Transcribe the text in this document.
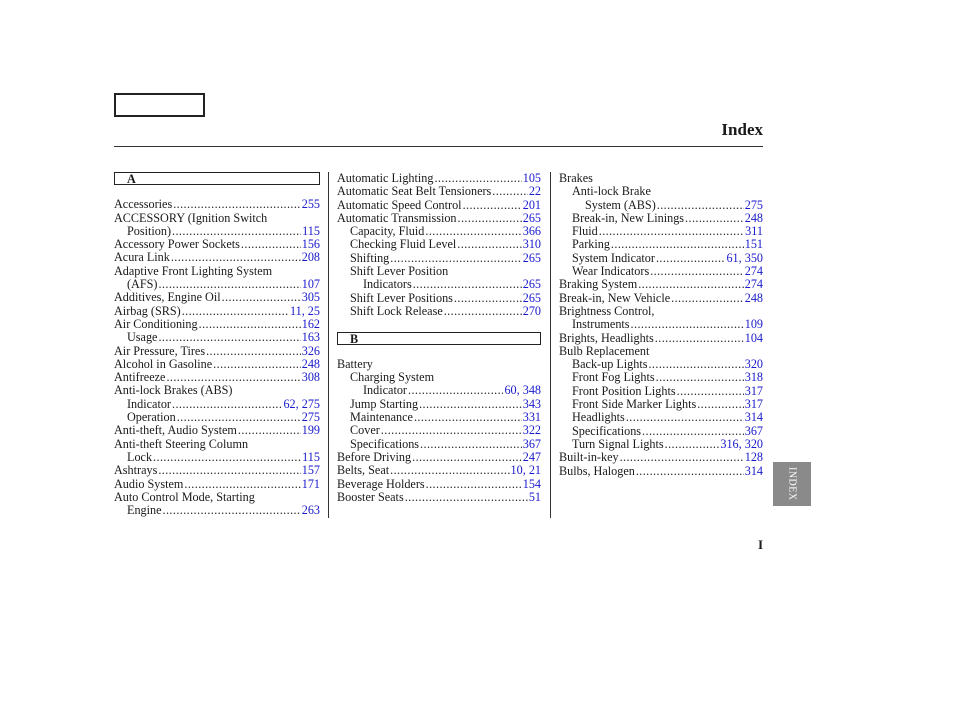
Index
A
Accessories .....	255
ACCESSORY (Ignition Switch
Position) .....	115
Accessory Power Sockets .....	156
Acura Link .....	208
Adaptive Front Lighting System
(AFS) .....	107
Additives, Engine Oil .....	305
Airbag (SRS) .....	11, 25
Air Conditioning .....	162
Usage .....	163
Air Pressure, Tires .....	326
Alcohol in Gasoline .....	248
Antifreeze .....	308
Anti-lock Brakes (ABS)
Indicator .....	62, 275
Operation .....	275
Anti-theft, Audio System .....	199
Anti-theft Steering Column
Lock .....	115
Ashtrays .....	157
Audio System .....	171
Auto Control Mode, Starting
Engine .....	263
Automatic Lighting .....	105
Automatic Seat Belt Tensioners .....	22
Automatic Speed Control .....	201
Automatic Transmission .....	265
Capacity, Fluid .....	366
Checking Fluid Level .....	310
Shifting .....	265
Shift Lever Position
Indicators .....	265
Shift Lever Positions .....	265
Shift Lock Release .....	270
B
Battery
Charging System
Indicator .....	60, 348
Jump Starting .....	343
Maintenance .....	331
Cover .....	322
Specifications .....	367
Before Driving .....	247
Belts, Seat .....	10, 21
Beverage Holders .....	154
Booster Seats .....	51
Brakes
Anti-lock Brake
System (ABS) .....	275
Break-in, New Linings .....	248
Fluid .....	311
Parking .....	151
System Indicator .....	61, 350
Wear Indicators .....	274
Braking System .....	274
Break-in, New Vehicle .....	248
Brightness Control,
Instruments .....	109
Brights, Headlights .....	104
Bulb Replacement
Back-up Lights .....	320
Front Fog Lights .....	318
Front Position Lights .....	317
Front Side Marker Lights .....	317
Headlights .....	314
Specifications .....	367
Turn Signal Lights .....	316, 320
Built-in-key .....	128
Bulbs, Halogen .....	314	INDEX
I
